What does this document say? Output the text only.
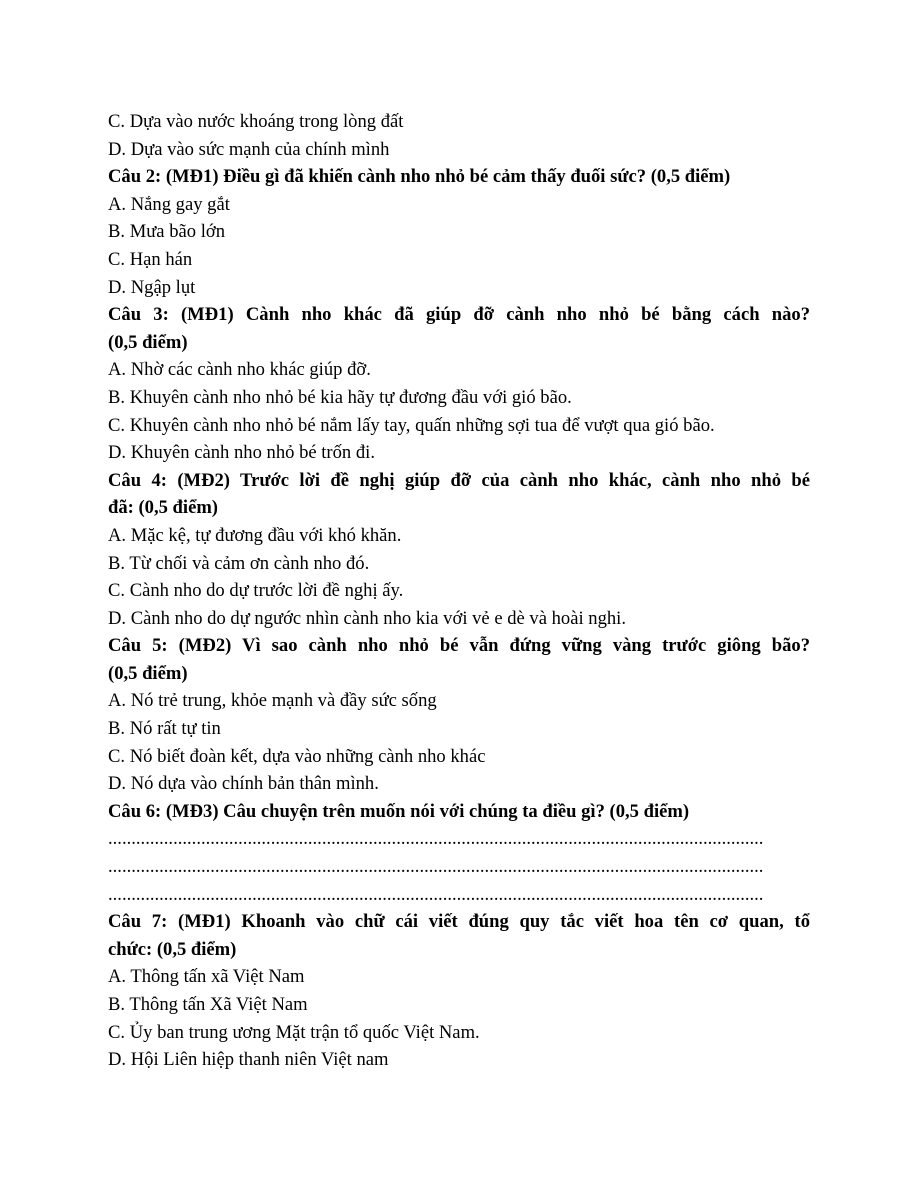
C. Dựa vào nước khoáng trong lòng đất
D. Dựa vào sức mạnh của chính mình
Câu 2: (MĐ1) Điều gì đã khiến cành nho nhỏ bé cảm thấy đuối sức? (0,5 điểm)
A. Nắng gay gắt
B. Mưa bão lớn
C. Hạn hán
D. Ngập lụt
Câu 3: (MĐ1) Cành nho khác đã giúp đỡ cành nho nhỏ bé bằng cách nào?
(0,5 điểm)
A. Nhờ các cành nho khác giúp đỡ.
B. Khuyên cành nho nhỏ bé kia hãy tự đương đầu với gió bão.
C. Khuyên cành nho nhỏ bé nắm lấy tay, quấn những sợi tua để vượt qua gió bão.
D. Khuyên cành nho nhỏ bé trốn đi.
Câu 4: (MĐ2) Trước lời đề nghị giúp đỡ của cành nho khác, cành nho nhỏ bé
đã: (0,5 điểm)
A. Mặc kệ, tự đương đầu với khó khăn.
B. Từ chối và cảm ơn cành nho đó.
C. Cành nho do dự trước lời đề nghị ấy.
D. Cành nho do dự ngước nhìn cành nho kia với vẻ e dè và hoài nghi.
Câu 5: (MĐ2) Vì sao cành nho nhỏ bé vẫn đứng vững vàng trước giông bão?
(0,5 điểm)
A. Nó trẻ trung, khỏe mạnh và đầy sức sống
B. Nó rất tự tin
C. Nó biết đoàn kết, dựa vào những cành nho khác
D. Nó dựa vào chính bản thân mình.
Câu 6: (MĐ3) Câu chuyện trên muốn nói với chúng ta điều gì? (0,5 điểm)
.............................................................................................................................................
.............................................................................................................................................
.............................................................................................................................................
Câu 7: (MĐ1) Khoanh vào chữ cái viết đúng quy tắc viết hoa tên cơ quan, tổ
chức: (0,5 điểm)
A. Thông tấn xã Việt Nam
B. Thông tấn Xã Việt Nam
C. Ủy ban trung ương Mặt trận tổ quốc Việt Nam.
D. Hội Liên hiệp thanh niên Việt nam
